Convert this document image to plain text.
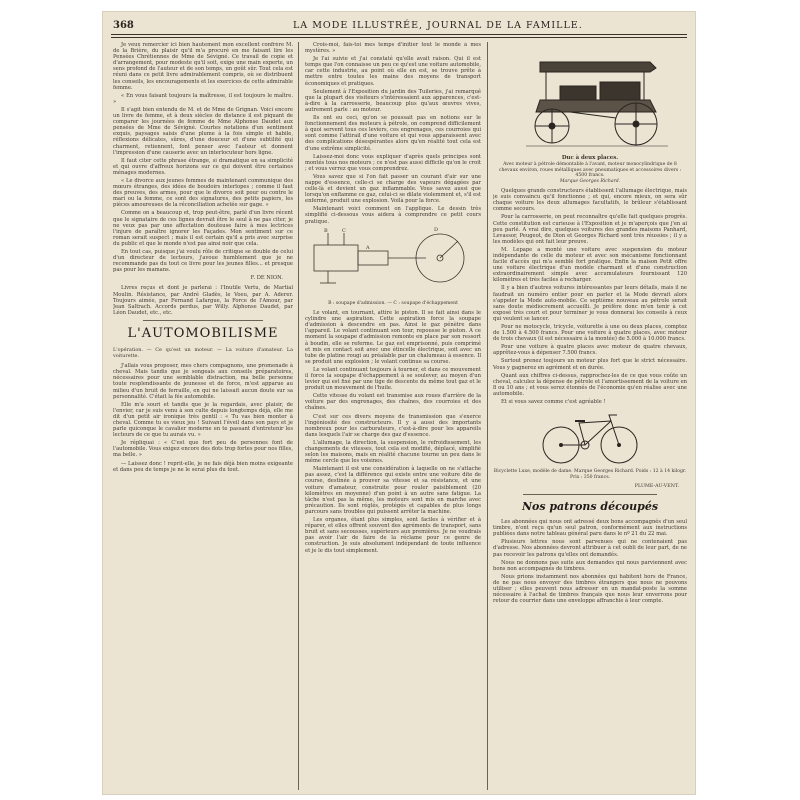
368	LA MODE ILLUSTRÉE, JOURNAL DE LA FAMILLE.

Je veux remercier ici bien hautement mon excellent confrère M. de la Brière, du plaisir qu'il m'a procuré en me faisant lire les Pensées Chrétiennes de Mme de Sévigné. Ce travail de copie et d'arrangement, pour modeste qu'il soit, exige une main experte, un sens profond de l'auteur et de son temps, un goût sûr. Tout cela est réuni dans ce petit livre admirablement compris, où se distribuent les conseils, les encouragements et les exercices de cette admirable femme.

« En vous faisant toujours la maîtresse, il est toujours le maître. »

Il s'agit bien entendu de M. et de Mme de Grignan. Voici encore un livre de femme, et à deux siècles de distance il est piquant de comparer les journées de femme de Mme Alphonse Daudet aux pensées de Mme de Sévigné. Courtes notations d'un sentiment exquis, paysages saisis d'une plume à la fois simple et habile, réflexions délicates, sûres, d'une douceur et d'une subtilité qui charment, retiennent, font penser avec l'auteur et donnent l'impression d'une causerie avec un interlocuteur hors ligne.

Il faut citer cette phrase étrange, si dramatique en sa simplicité et qui ouvre d'affreux horizons sur ce qui doivent être certaines ménages modernes.

« Le divorce aux jeunes femmes de maintenant communique des mœurs étranges, des idées de boudoirs interlopes ; comme il faut des preuves, des armes, pour que le divorce soit pour ou contre le mari ou la femme, ce sont des signatures, des petits papiers, les pièces amoureuses de la réconciliation achetée sur gage. »

Comme on a beaucoup et, trop peut-être, parlé d'un livre récent que le signataire de ces lignes devrait être le seul à ne pas citer, je ne veux pas par une affectation douteuse faire à mes lectrices l'injure de paraître ignorer les Façades. Mon sentiment sur ce roman serait suspect ; mais il est certain qu'il a pris avec surprise du public et que le monde n'est pas ainsi noir que cela.

En tout cas, puisque j'ai voulu rôle de critique se double de celui d'un directeur de lecteurs, j'avoue humblement que je ne recommande pas du tout ce livre pour les jeunes filles... et presque pas pour les mamans.

F. DE NION.

Livres reçus et dont je parlerai : l'Inutile Vertu, de Martial Moulin. Résistance, par André Gladès, le Voeu, par A. Aderer. Toujours aimée, par Fernand Lafargue, la Force de l'Amour, par Jean Saltrach. Accords perdus, par Willy. Alphonse Daudet, par Léon Daudet, etc., etc.

L'AUTOMOBILISME
L'opération. — Ce qu'est un moteur. — La voiture d'amateur. La voiturette.

J'allais vous proposer, mes chers compagnons, une promenade à cheval. Mais tandis que je songeais aux conseils préparatoires, nécessaires pour une semblable distraction, ma belle personne toute resplendissante de jeunesse et de force, m'est apparue au milieu d'un bruit de ferraille, en qui ne laissait aucun doute sur sa personnalité. C'était la fée automobile.

Elle m'a souri et tandis que je la regardais, avec plaisir, de l'envier, car je suis venu à son culte depuis longtemps déjà, elle me dit d'un petit air ironique très gentil : « Tu vas bien monter à cheval. Comme tu es vieux jeu ! Suivant l'éveil dans son pays et je parle quiconque le cavalier moderne en te passant d'entretenir les lecteurs de ce que tu aurais vu. »

Je répliquai : « C'est que fort peu de personnes font de l'automobile. Vous exigez encore des dots trop fortes pour nos filles, ma belle. »

— Laissez donc ! reprit-elle, je ne fais déjà bien moins exigeante et dans peu de temps je ne le serai plus du tout.

Crois-moi, fais-toi mes temps d'initier tout le monde à mes mystères. »

Je l'ai suivie et j'ai constaté qu'elle avait raison. Qui il est temps que l'on connaisse un peu ce qu'est une voiture automobile, car cette industrie, au point où elle en est, se trouve prête à mettre entre toutes les mains des moyens de transport économiques et pratiques.

Seulement à l'Exposition du jardin des Tuileries, j'ai remarqué que la plupart des visiteurs s'intéressaient aux apparences, c'est-à-dire à la carrosserie, beaucoup plus qu'aux œuvres vives, autrement parle : au moteur.

Ils ont eu ceci, qu'on se poussait pas en notions sur le fonctionnement des moteurs à pétrole, on comprend difficilement à quoi servent tous ces leviers, ces engrenages, ces courroies qui sont comme l'attirail d'une voiture et qui vous apparaissent avec des complications désespérantes alors qu'en réalité tout cela est d'une extrême simplicité.

Laissez-moi donc vous expliquer d'après quels principes sont montés tous nos moteurs ; ce n'est pas aussi difficile qu'on le croit ; et vous verrez que vous comprendrez.

Vous savez que si l'on fait passer un courant d'air sur une nappe d'essence, celle-ci se charge des vapeurs dégagées par celle-là et devient un gaz inflammable. Vous savez aussi que lorsqu'on enflamme ce gaz, celui-ci se dilate violemment et, s'il est enfermé, produit une explosion. Voilà pour la force.

Maintenant voici comment on l'applique. Le dessin très simplifié ci-dessous vous aidera à comprendre ce petit cours pratique.

B	C	D
A
B : soupape d'admission. — C : soupape d'échappement

Le volant, en tournant, attire le piston. Il se fait ainsi dans le cylindre une aspiration. Cette aspiration force la soupape d'admission à descendre en pas. Ainsi le gaz pénètre dans l'appareil. Le volant continuant son tour, repousse le piston. A ce moment la soupape d'admission remonte en place par son ressort à boudin, elle se referme. Le gaz est emprisonné, puis comprimé et mis en contact soit avec une étincelle électrique, soit avec un tube de platine rougi au préalable par un chalumeau à essence. Il se produit une explosion ; le volant continue sa course.

Le volant continuant toujours à tourner, et dans ce mouvement il force la soupape d'échappement à se soulever, au moyen d'un levier qui est fixé par une tige de descente du même tout gaz et le produit un mouvement de l'huile.

Cette vitesse du volant est transmise aux roues d'arrière de la voiture par des engrenages, des chaînes, des courroies et des chaînes.

C'est sur ces divers moyens de transmission que s'exerce l'ingéniosité des constructeurs. Il y a aussi des importants nombreux pour les carburateurs, c'est-à-dire pour les appareils dans lesquels l'air se charge des gaz d'essence.

L'allumage, la direction, la suspension, le refroidissement, les changements de vitesses, tout cela est modifié, déplacé, simplifié selon les maisons, mais en réalité chacune tourne un peu dans le même cercle que les voisines.

Maintenant il est une considération à laquelle on ne s'attache pas assez, c'est la différence qui existe entre une voiture dite de course, destinée à prouver sa vitesse et sa résistance, et une voiture d'amateur, construite pour rouler paisiblement (20 kilomètres en moyenne) d'un point à un autre sans fatigue. La tâche n'est pas la même, les moteurs sont mis en marche avec précaution. Ils sont réglés, protégés et capables de plus longs parcours sans troubles qui puissent arrêter la machine.

Les organes, étant plus simples, sont faciles à vérifier et à réparer, et elles offrent souvent des agréments de transport, sans bruit et sans secousses, supérieurs aux premières. Je ne voudrais pas avoir l'air de faire de la réclame pour ce genre de construction. Je suis absolument indépendant de toute influence et je le dis tout simplement.

Duc à deux places.
Avec moteur à pétrole démontable à l'avant, moteur monocylindrique de 8 chevaux environ, roues métalliques avec pneumatiques et accessoires divers : 4500 francs.
Marque Georges Richard.

Quelques grands constructeurs établissent l'allumage électrique, mais je suis convaincu qu'il fonctionne ; et qui, encore mieux, on sera sûr chaque voiture les deux allumages facultatifs, le brûleur s'établissant comme secours.

Pour la carrosserie, on peut reconnaître qu'elle fait quelques progrès. Cette constitution est curieuse à l'Exposition et je m'aperçois que j'en ai peu parlé. A vrai dire, quelques voitures des grandes maisons Panhard, Levassor, Peugeot, de Dion et Georges Richard sont très réussies ; il y a les modèles qui ont fait leur preuve.

M. Lepape a monté une voiture avec suspension du moteur indépendante de celle du moteur et avec son mécanisme fonctionnant facile d'accès qui m'a semblé fort pratique. Enfin la maison Petit offre une voiture électrique d'un modèle charmant et d'une construction extraordinairement simple avec accumulateurs fournissant 120 kilomètres et très faciles à recharger.

Il y a bien d'autres voitures intéressantes par leurs détails, mais il ne faudrait un numéro entier pour en parler et la Mode devrait alors s'appeler la Mode auto-mobile. Ce septième nouveau au pétrole serait sans doute médiocrement accueilli. Je préfère donc m'en tenir à cet exposé très court et pour terminer je vous donnerai les conseils à ceux qui veulent se lancer.

Pour ne motocycle, tricycle, voiturette à une ou deux places, comptez de 1.500 à 4.500 francs. Pour une voiture à quatre places, avec moteur de trois chevaux (il est nécessaire à la montée) de 5.000 à 10.000 francs.

Pour une voiture à quatre places avec moteur de quatre chevaux, apprêtez-vous à dépenser 7.500 francs.

Surtout prenez toujours un moteur plus fort que le strict nécessaire. Vous y gagnerez en agrément et en durée.

Quant aux chiffres ci-dessus, rapprochez-les de ce que vous coûte un cheval, calculez la dépense de pétrole et l'amortissement de la voiture en 8 ou 10 ans ; et vous serez étonnés de l'économie qu'en réalise avec une automobile.

Et si vous savez comme c'est agréable !

Bicyclette Luxe, modèle de dame. Marque Georges Richard. Poids : 12 à 14 kilogr. Prix : 350 francs.
PLUME-AU-VENT.
Nos patrons découpés

Les abonnées qui nous ont adressé deux bons accompagnés d'un seul timbre, n'ont reçu qu'un seul patron, conformément aux instructions publiées dans notre tableau général paru dans le nº 21 du 22 mai.

Plusieurs lettres nous sont parvenues qui ne contenaient pas d'adresse. Nos abonnées devront attribuer à cet oubli de leur part, de ne pas recevoir les patrons qu'elles ont demandés.

Nous ne donnons pas suite aux demandes qui nous parviennent avec bons non accompagnés de timbres.

Nous prions instamment nos abonnées qui habitent hors de France, de ne pas nous envoyer des timbres étrangers que nous ne pouvons utiliser ; elles peuvent nous adresser en un mandat-poste la somme nécessaire à l'achat de timbres français que nous leur enverrons pour retour du courrier dans une enveloppe affranchie à leur compte.
